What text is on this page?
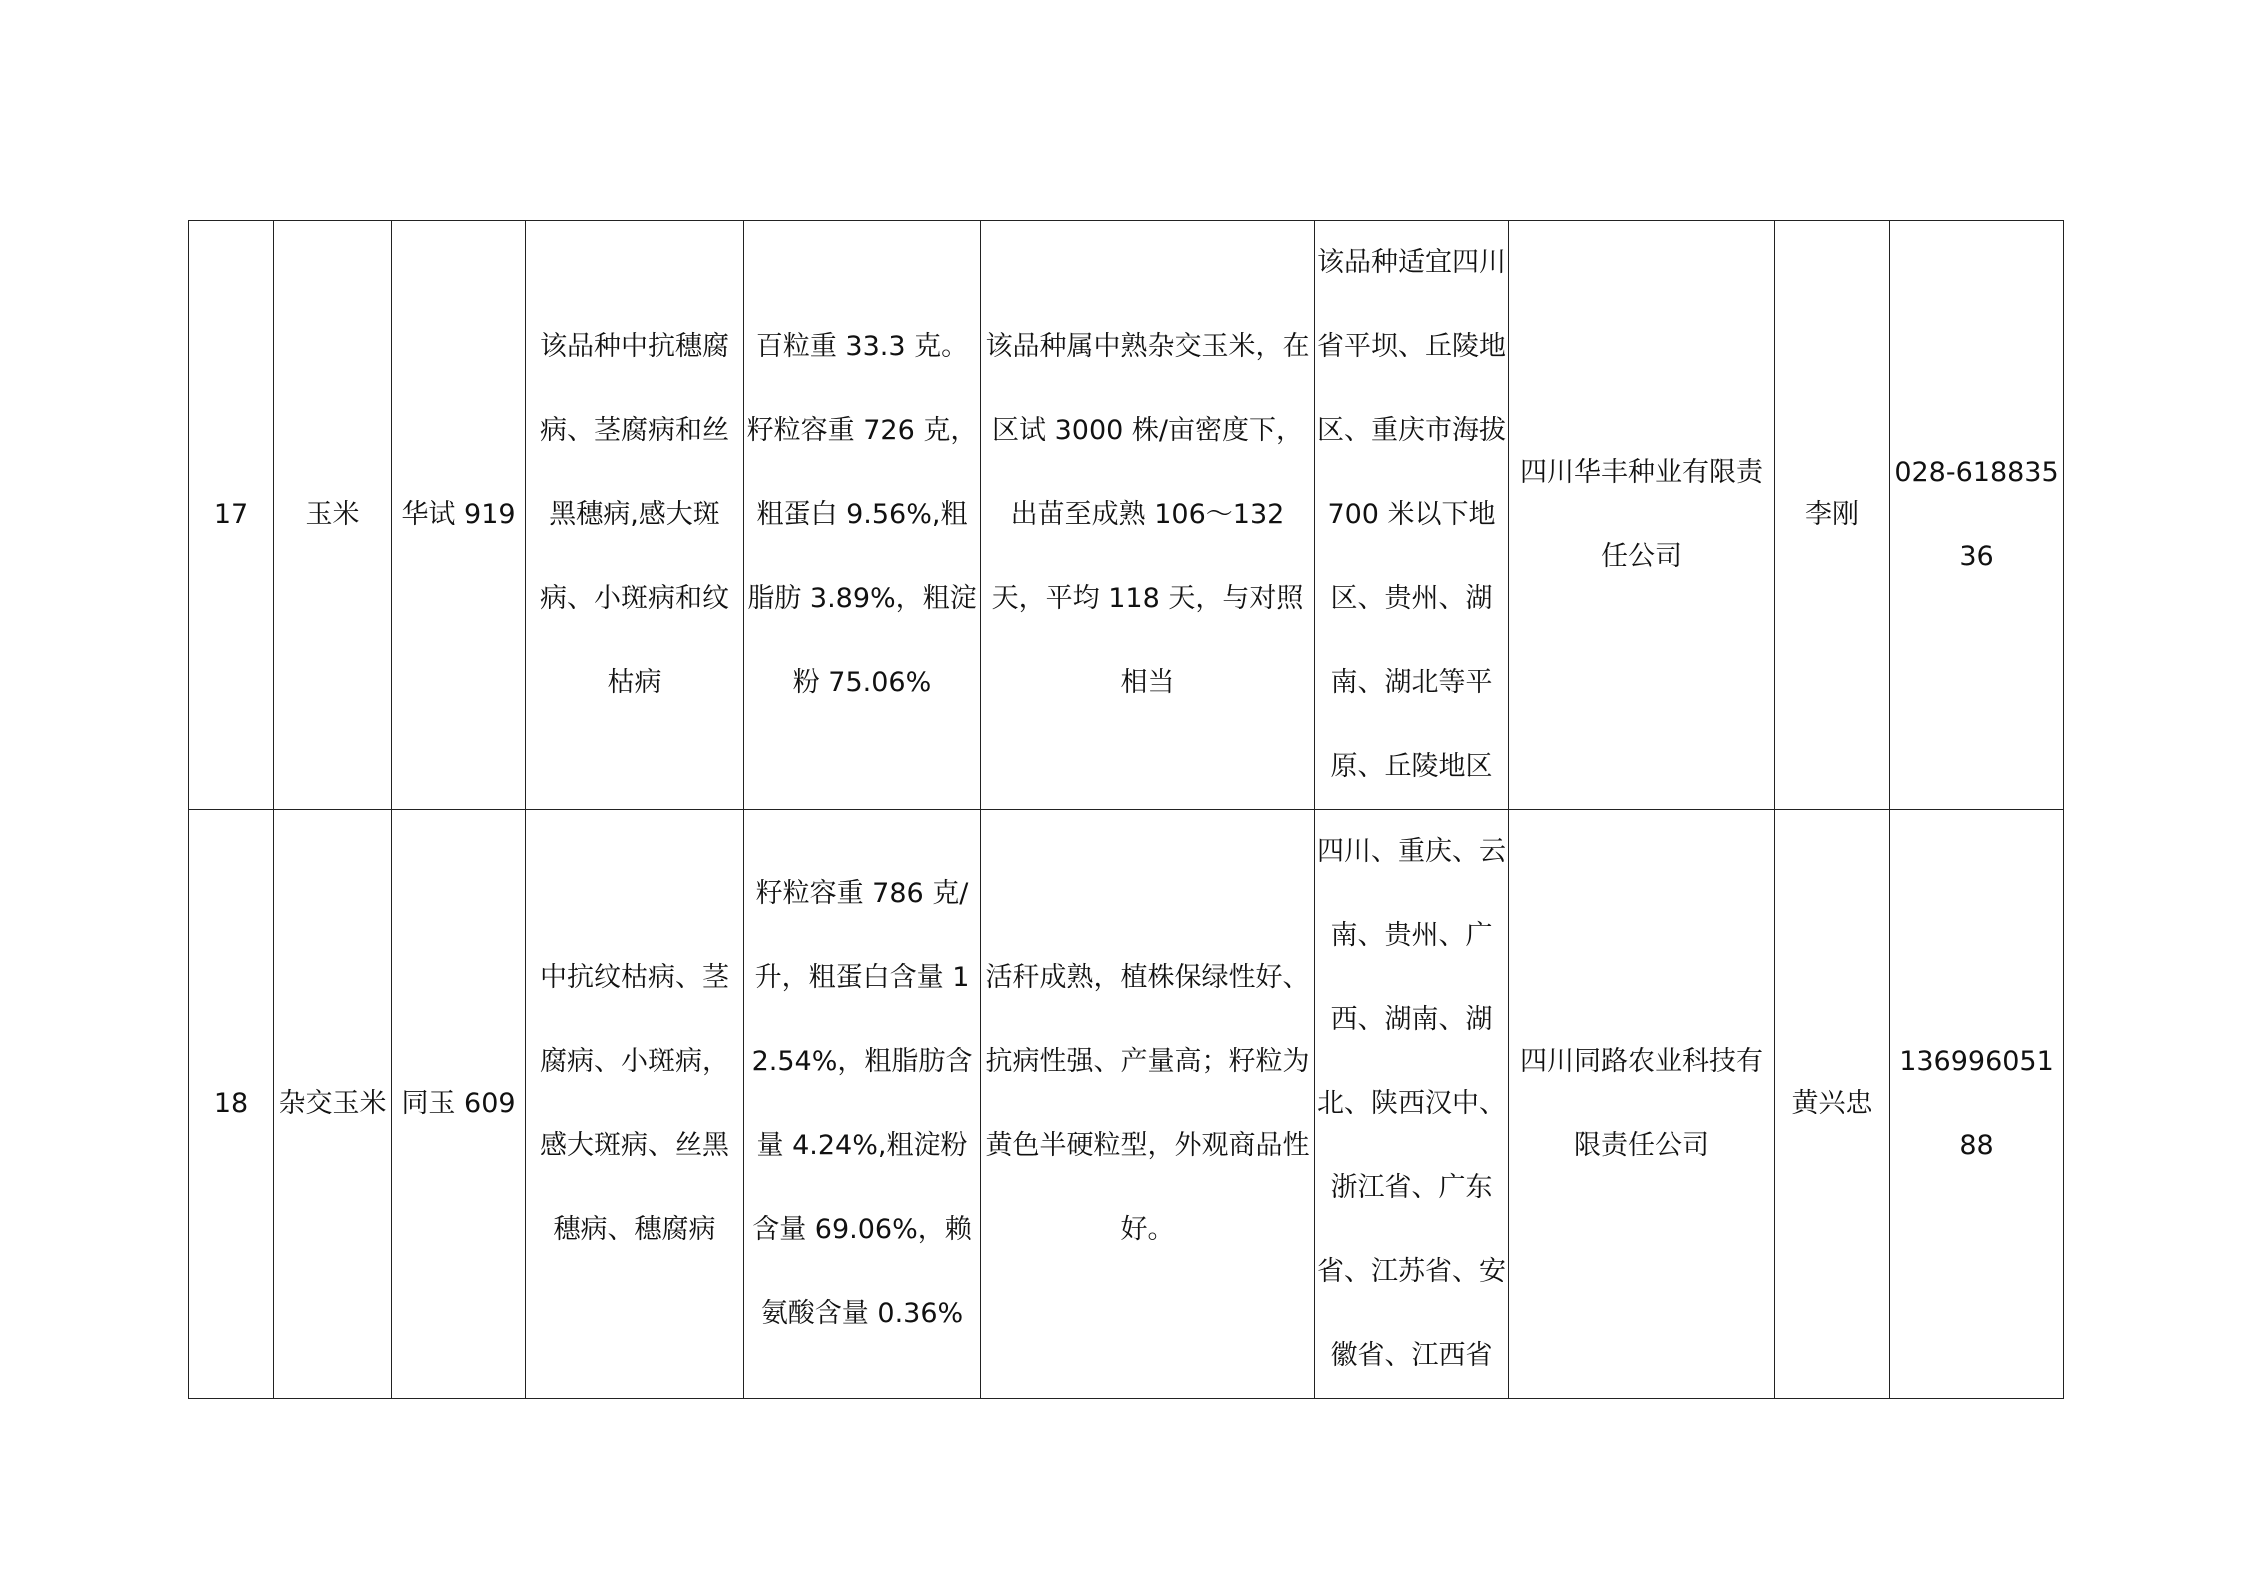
17	玉米	华试 919	该品种中抗穗腐病、茎腐病和丝黑穗病,感大斑病、小斑病和纹枯病	百粒重 33.3 克。籽粒容重 726 克，粗蛋白 9.56%,粗脂肪 3.89%，粗淀粉 75.06%	该品种属中熟杂交玉米，在区试 3000 株/亩密度下，出苗至成熟 106～132 天，平均 118 天，与对照相当	该品种适宜四川省平坝、丘陵地区、重庆市海拔 700 米以下地区、贵州、湖南、湖北等平原、丘陵地区	四川华丰种业有限责任公司	李刚	028-61883536

18	杂交玉米	同玉 609	中抗纹枯病、茎腐病、小斑病，感大斑病、丝黑穗病、穗腐病	籽粒容重 786 克/升，粗蛋白含量 12.54%，粗脂肪含量 4.24%,粗淀粉含量 69.06%，赖氨酸含量 0.36%	活秆成熟，植株保绿性好、抗病性强、产量高；籽粒为黄色半硬粒型，外观商品性好。	四川、重庆、云南、贵州、广西、湖南、湖北、陕西汉中、浙江省、广东省、江苏省、安徽省、江西省	四川同路农业科技有限责任公司	黄兴忠	13699605188
